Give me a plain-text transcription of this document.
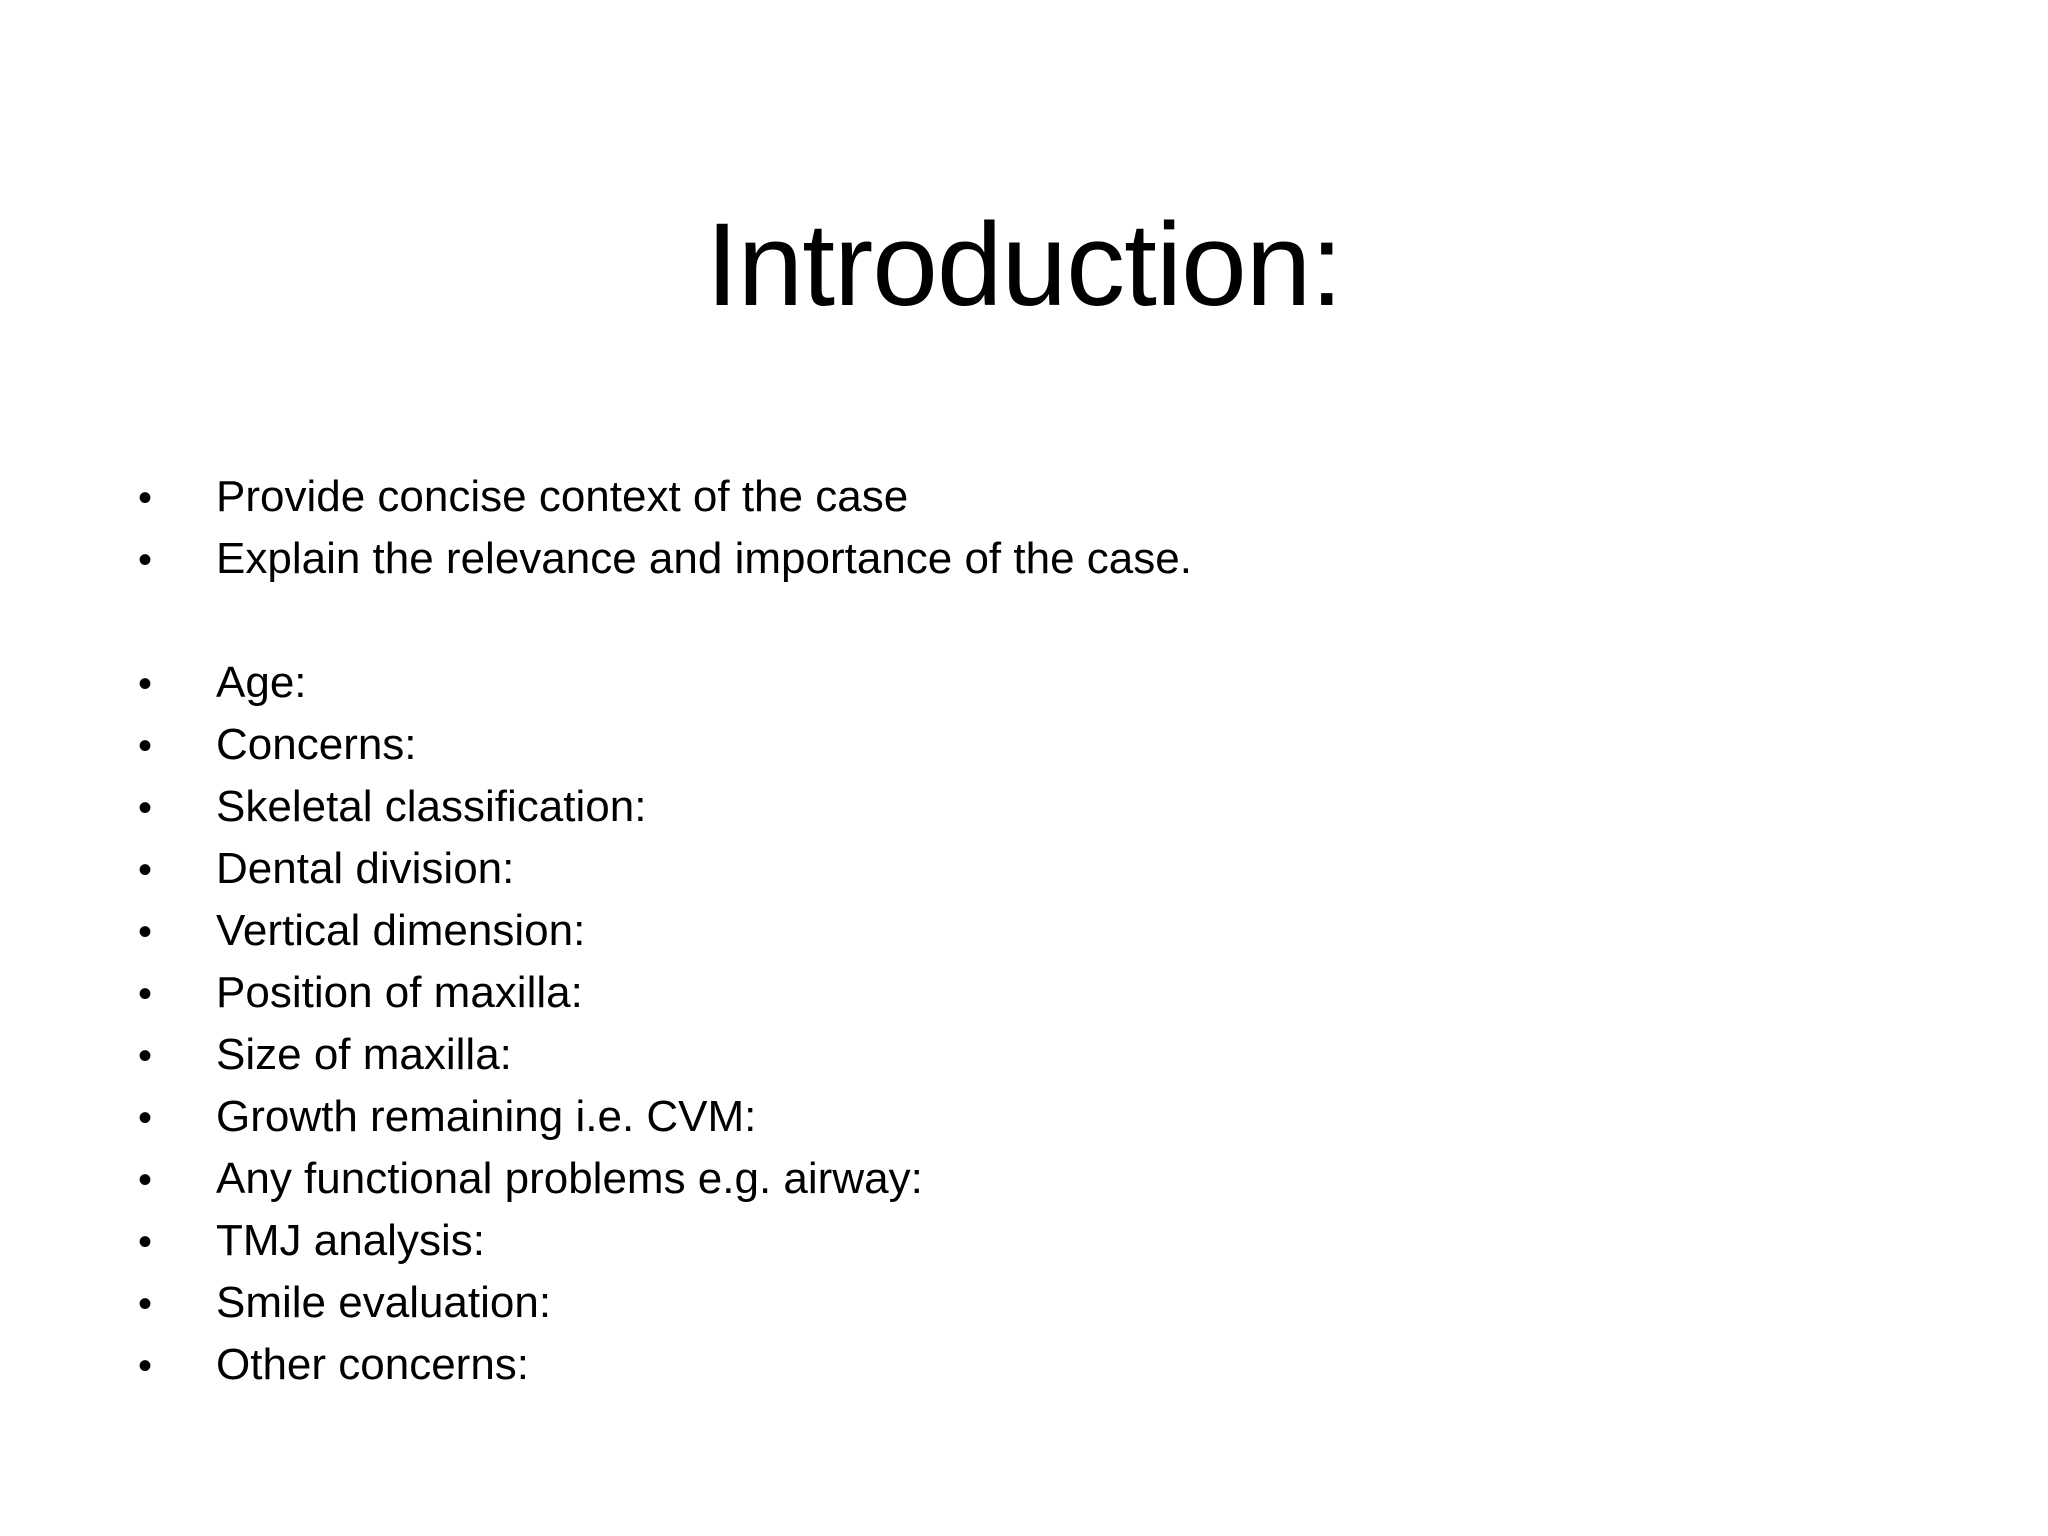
Introduction:
•	Provide concise context of the case
•	Explain the relevance and importance of the case.
•	Age:
•	Concerns:
•	Skeletal classification:
•	Dental division:
•	Vertical dimension:
•	Position of maxilla:
•	Size of maxilla:
•	Growth remaining i.e. CVM:
•	Any functional problems e.g. airway:
•	TMJ analysis:
•	Smile evaluation:
•	Other concerns:
